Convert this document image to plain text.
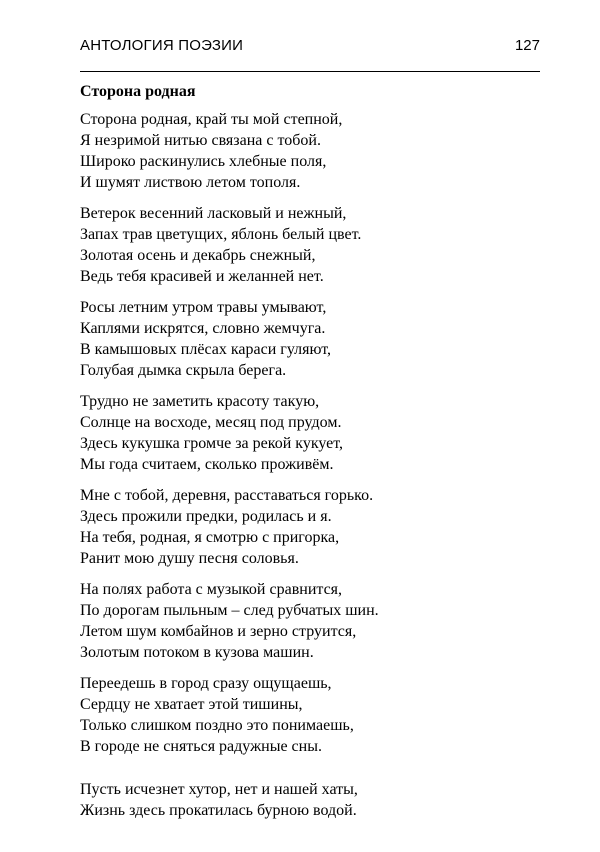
АНТОЛОГИЯ ПОЭЗИИ	127
Сторона родная
Сторона родная, край ты мой степной,
Я незримой нитью связана с тобой.
Широко раскинулись хлебные поля,
И шумят листвою летом тополя.
Ветерок весенний ласковый и нежный,
Запах трав цветущих, яблонь белый цвет.
Золотая осень и декабрь снежный,
Ведь тебя красивей и желанней нет.
Росы летним утром травы умывают,
Каплями искрятся, словно жемчуга.
В камышовых плёсах караси гуляют,
Голубая дымка скрыла берега.
Трудно не заметить красоту такую,
Солнце на восходе, месяц под прудом.
Здесь кукушка громче за рекой кукует,
Мы года считаем, сколько проживём.
Мне с тобой, деревня, расставаться горько.
Здесь прожили предки, родилась и я.
На тебя, родная, я смотрю с пригорка,
Ранит мою душу песня соловья.
На полях работа с музыкой сравнится,
По дорогам пыльным – след рубчатых шин.
Летом шум комбайнов и зерно струится,
Золотым потоком в кузова машин.
Переедешь в город сразу ощущаешь,
Сердцу не хватает этой тишины,
Только слишком поздно это понимаешь,
В городе не сняться радужные сны.
Пусть исчезнет хутор, нет и нашей хаты,
Жизнь здесь прокатилась бурною водой.
